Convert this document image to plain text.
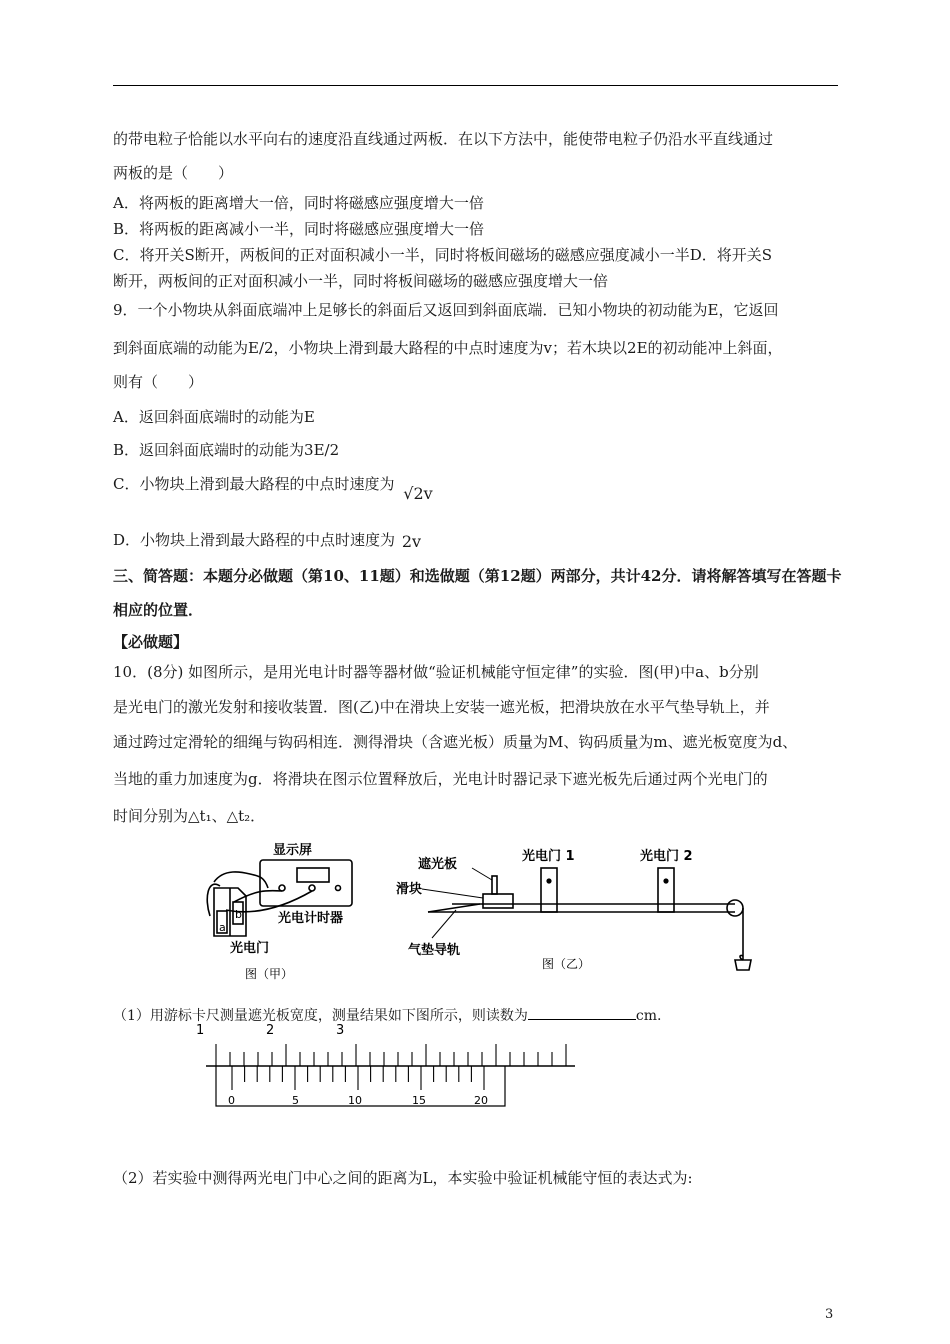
的带电粒子恰能以水平向右的速度沿直线通过两板．在以下方法中，能使带电粒子仍沿水平直线通过
两板的是（　　）
A．将两板的距离增大一倍，同时将磁感应强度增大一倍
B．将两板的距离减小一半，同时将磁感应强度增大一倍
C．将开关S断开，两板间的正对面积减小一半，同时将板间磁场的磁感应强度减小一半D．将开关S
断开，两板间的正对面积减小一半，同时将板间磁场的磁感应强度增大一倍
9．一个小物块从斜面底端冲上足够长的斜面后又返回到斜面底端．已知小物块的初动能为E，它返回
到斜面底端的动能为E/2，小物块上滑到最大路程的中点时速度为v；若木块以2E的初动能冲上斜面，
则有（　　）
A．返回斜面底端时的动能为E
B．返回斜面底端时的动能为3E/2
C．小物块上滑到最大路程的中点时速度为 √2v
D．小物块上滑到最大路程的中点时速度为 2v
三、简答题：本题分必做题（第10、11题）和选做题（第12题）两部分，共计42分．请将解答填写在答题卡
相应的位置．
【必做题】
10．(8分) 如图所示，是用光电计时器等器材做“验证机械能守恒定律”的实验．图(甲)中a、b分别
是光电门的激光发射和接收装置．图(乙)中在滑块上安装一遮光板，把滑块放在水平气垫导轨上，并
通过跨过定滑轮的细绳与钩码相连．测得滑块（含遮光板）质量为M、钩码质量为m、遮光板宽度为d、
当地的重力加速度为g．将滑块在图示位置释放后，光电计时器记录下遮光板先后通过两个光电门的
时间分别为△t₁、△t₂．
显示屏
光电计时器
光电门
a
b
图（甲）
遮光板
滑块
光电门 1	光电门 2
气垫导轨
图（乙）
（1）用游标卡尺测量遮光板宽度，测量结果如下图所示，则读数为	cm.
1	2	3
0	5	10	15	20
（2）若实验中测得两光电门中心之间的距离为L，本实验中验证机械能守恒的表达式为:
3
